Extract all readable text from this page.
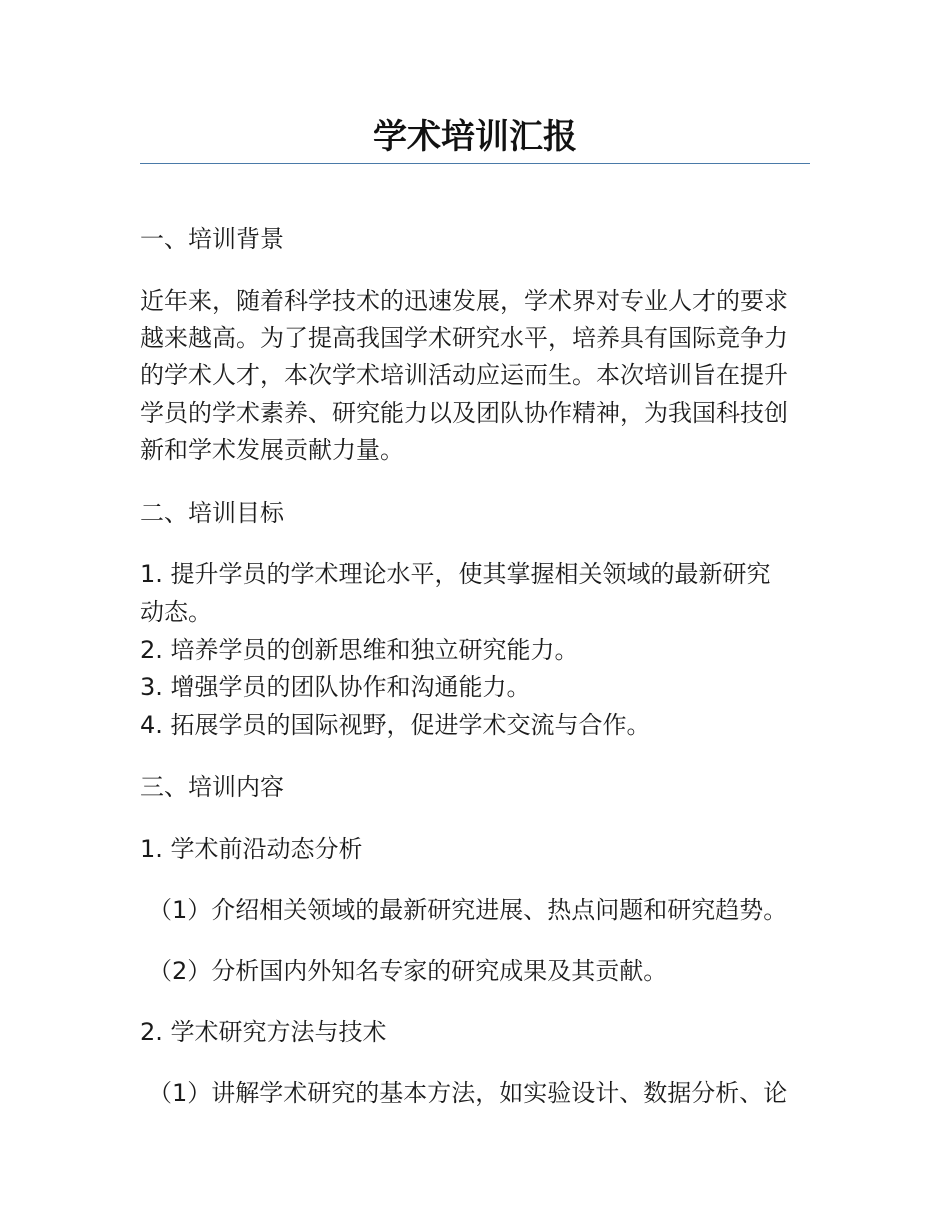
学术培训汇报
一、培训背景
近年来，随着科学技术的迅速发展，学术界对专业人才的要求
越来越高。为了提高我国学术研究水平，培养具有国际竞争力
的学术人才，本次学术培训活动应运而生。本次培训旨在提升
学员的学术素养、研究能力以及团队协作精神，为我国科技创
新和学术发展贡献力量。
二、培训目标
1. 提升学员的学术理论水平，使其掌握相关领域的最新研究
动态。
2. 培养学员的创新思维和独立研究能力。
3. 增强学员的团队协作和沟通能力。
4. 拓展学员的国际视野，促进学术交流与合作。
三、培训内容
1. 学术前沿动态分析
（1）介绍相关领域的最新研究进展、热点问题和研究趋势。
（2）分析国内外知名专家的研究成果及其贡献。
2. 学术研究方法与技术
（1）讲解学术研究的基本方法，如实验设计、数据分析、论
